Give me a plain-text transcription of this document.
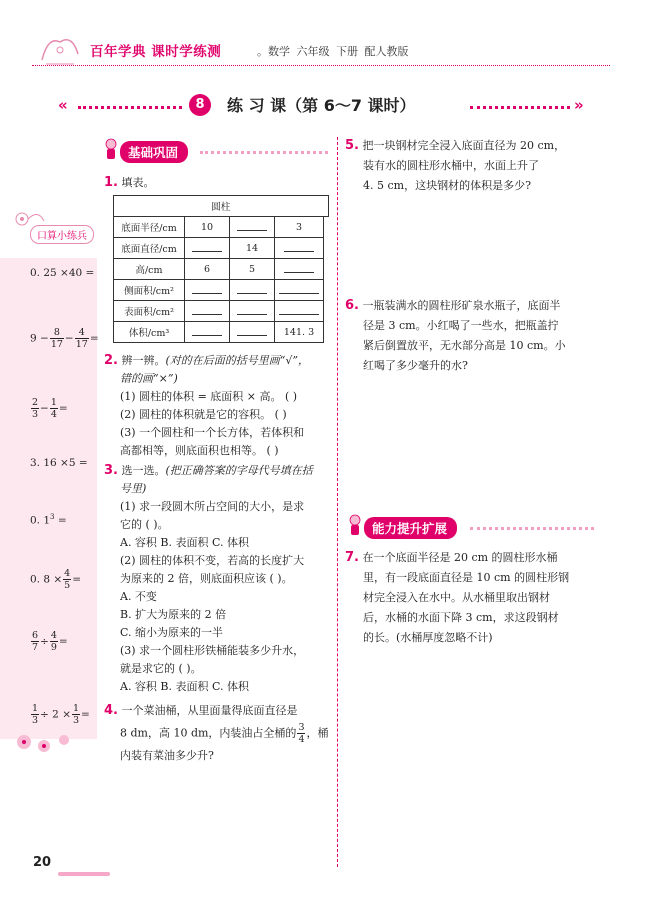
百年学典 课时学练测	。数学 六年级 下册 配人教版
«	8	练 习 课（第 6～7 课时）	»
口算小练兵
0. 25 ×40 =
$9 - \frac{8}{17} - \frac{4}{17}$ =
$\frac{2}{3} - \frac{1}{4}$ =
3. 16 ×5 =
0. $1^3$ =
0. $8 \times \frac{4}{5}$ =
$\frac{6}{7} \div \frac{4}{9}$ =
$\frac{1}{3} \div 2 \times \frac{1}{3}$ =
基础巩固
1. 填表。
圆柱				
底面半径/cm	10		3	
底面直径/cm		14		
高/cm	6	5		
侧面积/cm²				
表面积/cm²				
体积/cm³			141. 3	
2. 辨一辨。(对的在后面的括号里画“√”，
错的画“×”)
(1) 圆柱的体积 = 底面积 × 高。 ( )
(2) 圆柱的体积就是它的容积。 ( )
(3) 一个圆柱和一个长方体，若体积和
高都相等，则底面积也相等。 ( )
3. 选一选。(把正确答案的字母代号填在括
号里)
(1) 求一段圆木所占空间的大小，是求
它的 ( )。
A. 容积 B. 表面积 C. 体积
(2) 圆柱的体积不变，若高的长度扩大
为原来的 2 倍，则底面积应该 ( )。
A. 不变
B. 扩大为原来的 2 倍
C. 缩小为原来的一半
(3) 求一个圆柱形铁桶能装多少升水，
就是求它的 ( )。
A. 容积 B. 表面积 C. 体积
4. 一个菜油桶，从里面量得底面直径是
8 dm，高 10 dm，内装油占全桶的 $\frac{3}{4}$ ，桶
内装有菜油多少升?
5. 把一块钢材完全浸入底面直径为 20 cm，
装有水的圆柱形水桶中，水面上升了
4. 5 cm，这块钢材的体积是多少?
6. 一瓶装满水的圆柱形矿泉水瓶子，底面半
径是 3 cm。小红喝了一些水，把瓶盖拧
紧后倒置放平，无水部分高是 10 cm。小
红喝了多少毫升的水?
能力提升扩展
7. 在一个底面半径是 20 cm 的圆柱形水桶
里，有一段底面直径是 10 cm 的圆柱形钢
材完全浸入在水中。从水桶里取出钢材
后，水桶的水面下降 3 cm，求这段钢材
的长。(水桶厚度忽略不计)
20
